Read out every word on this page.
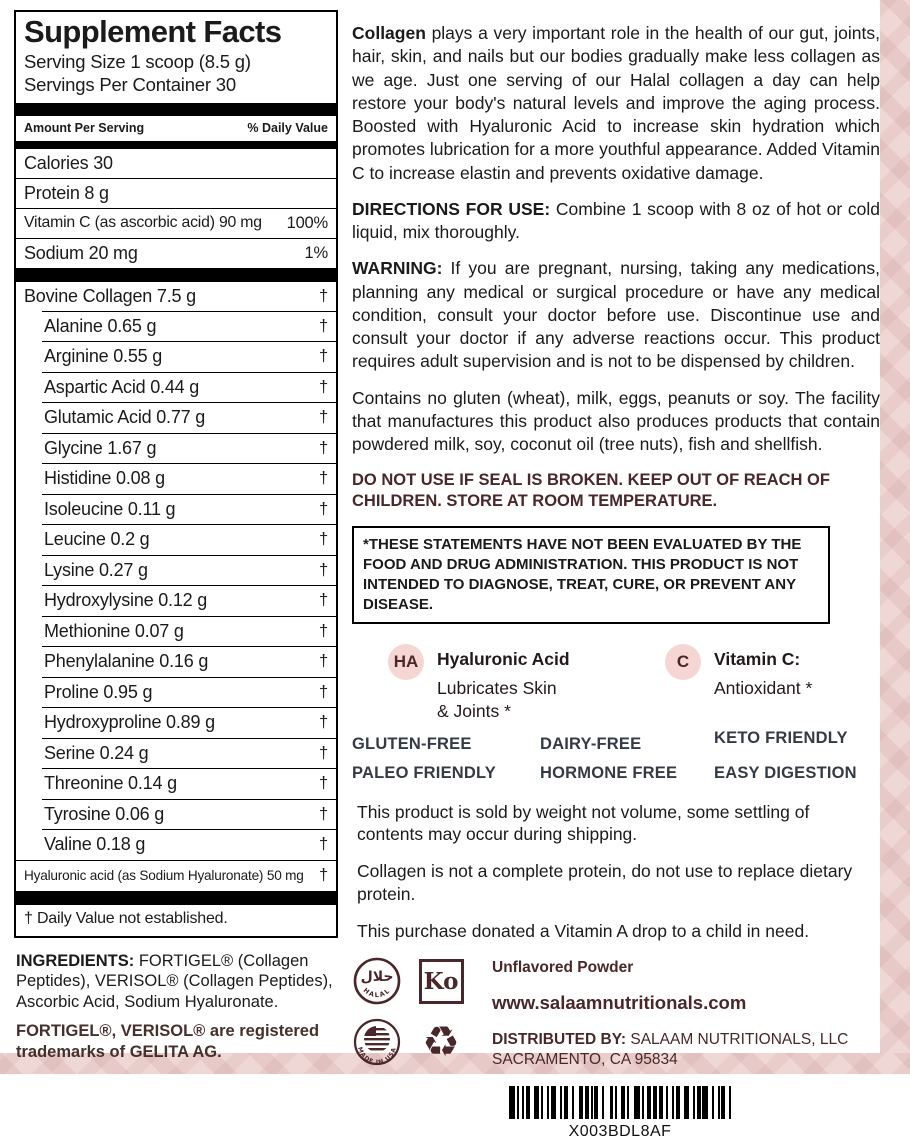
Supplement Facts
Serving Size 1 scoop (8.5 g)
Servings Per Container 30
Amount Per Serving	% Daily Value
Calories 30
Protein 8 g
Vitamin C (as ascorbic acid) 90 mg 100%
Sodium 20 mg	1%
Bovine Collagen 7.5 g	†
Alanine 0.65 g	†
Arginine 0.55 g	†
Aspartic Acid 0.44 g	†
Glutamic Acid 0.77 g	†
Glycine 1.67 g	†
Histidine 0.08 g	†
Isoleucine 0.11 g	†
Leucine 0.2 g	†
Lysine 0.27 g	†
Hydroxylysine 0.12 g	†
Methionine 0.07 g	†
Phenylalanine 0.16 g	†
Proline 0.95 g	†
Hydroxyproline 0.89 g	†
Serine 0.24 g	†
Threonine 0.14 g	†
Tyrosine 0.06 g	†
Valine 0.18 g	†
Hyaluronic acid (as Sodium Hyaluronate) 50 mg †
† Daily Value not established.
INGREDIENTS: FORTIGEL® (Collagen Peptides), VERISOL® (Collagen Peptides), Ascorbic Acid, Sodium Hyaluronate.
FORTIGEL®, VERISOL® are registered trademarks of GELITA AG.

Collagen plays a very important role in the health of our gut, joints, hair, skin, and nails but our bodies gradually make less collagen as we age. Just one serving of our Halal collagen a day can help restore your body's natural levels and improve the aging process. Boosted with Hyaluronic Acid to increase skin hydration which promotes lubrication for a more youthful appearance. Added Vitamin C to increase elastin and prevents oxidative damage.

DIRECTIONS FOR USE: Combine 1 scoop with 8 oz of hot or cold liquid, mix thoroughly.

WARNING: If you are pregnant, nursing, taking any medications, planning any medical or surgical procedure or have any medical condition, consult your doctor before use. Discontinue use and consult your doctor if any adverse reactions occur. This product requires adult supervision and is not to be dispensed by children.

Contains no gluten (wheat), milk, eggs, peanuts or soy. The facility that manufactures this product also produces products that contain powdered milk, soy, coconut oil (tree nuts), fish and shellfish.

DO NOT USE IF SEAL IS BROKEN. KEEP OUT OF REACH OF CHILDREN. STORE AT ROOM TEMPERATURE.

*THESE STATEMENTS HAVE NOT BEEN EVALUATED BY THE FOOD AND DRUG ADMINISTRATION. THIS PRODUCT IS NOT INTENDED TO DIAGNOSE, TREAT, CURE, OR PREVENT ANY DISEASE.
HA	Hyaluronic Acid
Lubricates Skin & Joints *
C	Vitamin C:
Antioxidant *
GLUTEN-FREE	DAIRY-FREE	KETO FRIENDLY
PALEO FRIENDLY	HORMONE FREE	EASY DIGESTION

This product is sold by weight not volume, some settling of contents may occur during shipping.

Collagen is not a complete protein, do not use to replace dietary protein.

This purchase donated a Vitamin A drop to a child in need.

حلال
HALAL Ko
MADE IN USA ♻
Unflavored Powder
www.salaamnutritionals.com
DISTRIBUTED BY: SALAAM NUTRITIONALS, LLC
SACRAMENTO, CA 95834
X003BDL8AF
